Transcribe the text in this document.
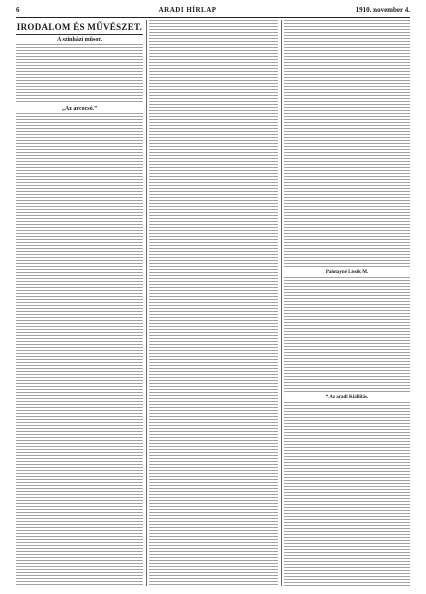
6	ARADI HÍRLAP	1910. november 4.
IRODALOM ÉS MŰVÉSZET.
A színházi műsor.
„Az arcocsó.”
Palotayné Lissik M.
* Az aradi Kiállítás.
